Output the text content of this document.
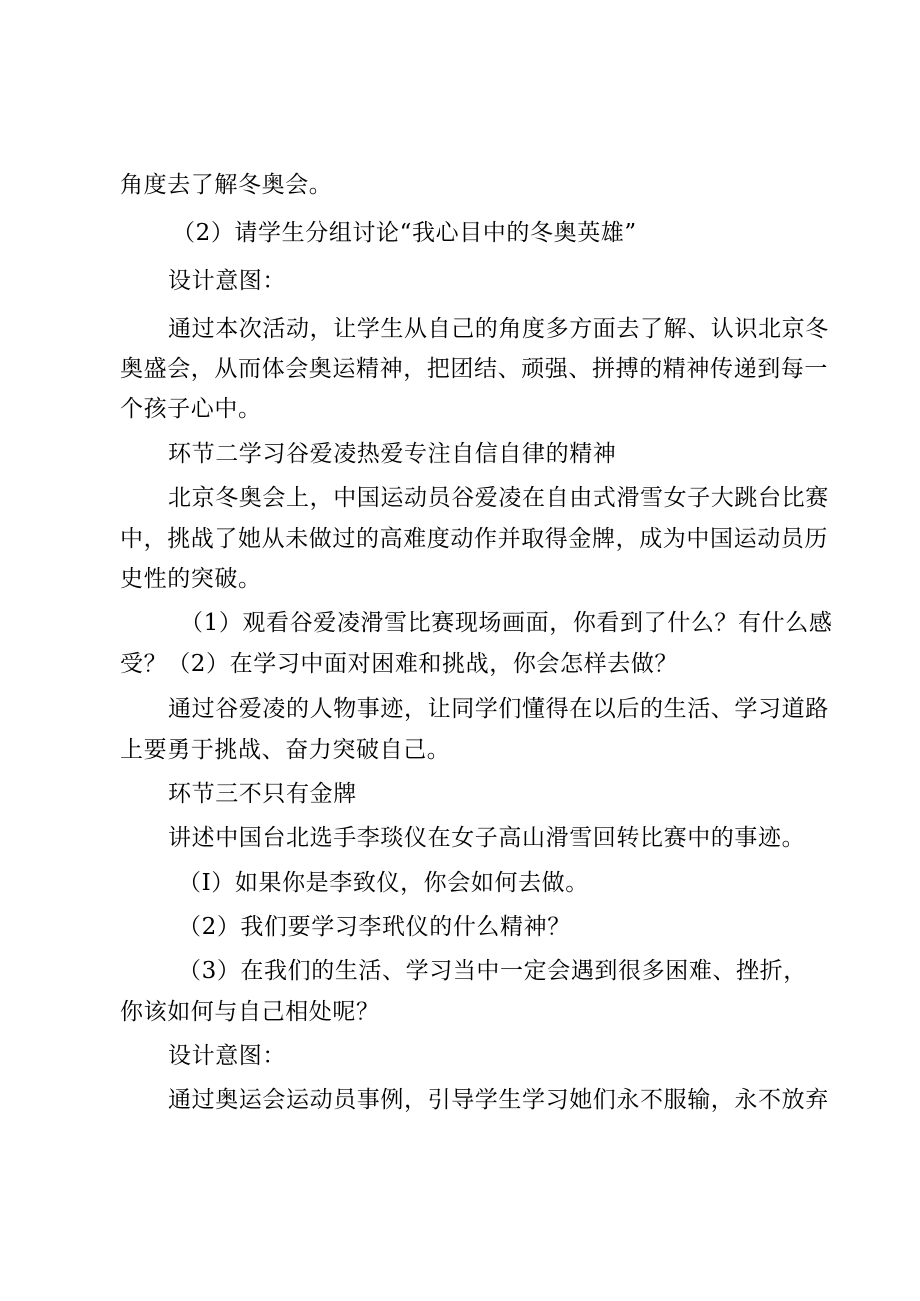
角度去了解冬奥会。
（2）请学生分组讨论“我心目中的冬奥英雄”
设计意图：
通过本次活动，让学生从自己的角度多方面去了解、认识北京冬
奥盛会，从而体会奥运精神，把团结、顽强、拼搏的精神传递到每一
个孩子心中。
环节二学习谷爱凌热爱专注自信自律的精神
北京冬奥会上，中国运动员谷爱凌在自由式滑雪女子大跳台比赛
中，挑战了她从未做过的高难度动作并取得金牌，成为中国运动员历
史性的突破。
（1）观看谷爱凌滑雪比赛现场画面，你看到了什么？有什么感
受？（2）在学习中面对困难和挑战，你会怎样去做？
通过谷爱凌的人物事迹，让同学们懂得在以后的生活、学习道路
上要勇于挑战、奋力突破自己。
环节三不只有金牌
讲述中国台北选手李琰仪在女子高山滑雪回转比赛中的事迹。
（I）如果你是李致仪，你会如何去做。
（2）我们要学习李玳仪的什么精神？
（3）在我们的生活、学习当中一定会遇到很多困难、挫折，
你该如何与自己相处呢？
设计意图：
通过奥运会运动员事例，引导学生学习她们永不服输，永不放弃
